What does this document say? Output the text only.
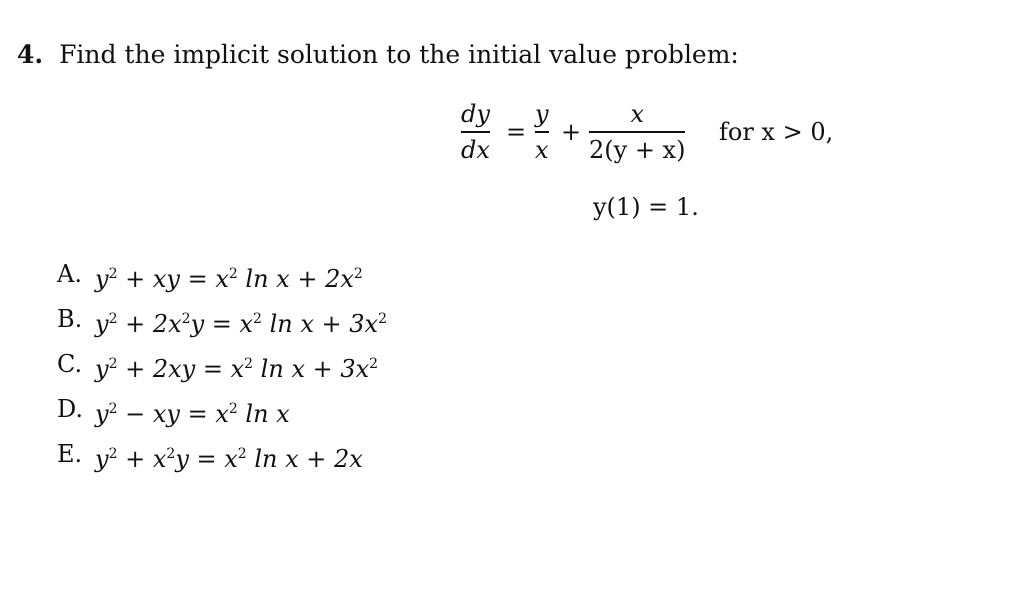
4. Find the implicit solution to the initial value problem:
dy
dx
=
y
x
+
x
2(y + x)
for x > 0,
y(1) = 1.
A. $y^2$ + xy = $x^2$ $\ln x + 2x^2$
B. $y^2 + 2x^2y = x^2$ $\ln x + 3x^2$
C. $y^2 + 2xy = x^2$ $\ln x + 3x^2$
D. $y^2$ − xy = $x^2$ ln x
E. $y^2 + x^2y = x^2$ ln x + 2x
